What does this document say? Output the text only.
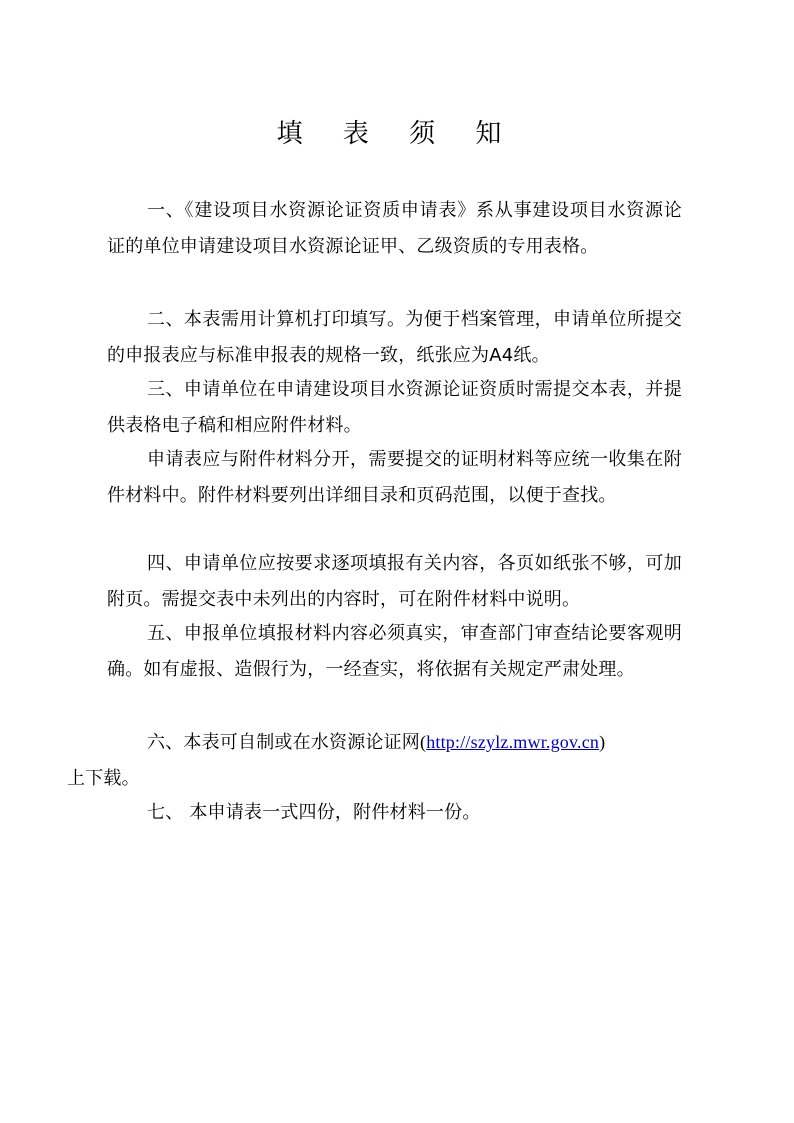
填 表 须 知

一、《建设项目水资源论证资质申请表》系从事建设项目水资源论证的单位申请建设项目水资源论证甲、乙级资质的专用表格。

二、本表需用计算机打印填写。为便于档案管理，申请单位所提交的申报表应与标准申报表的规格一致，纸张应为A4纸。

三、申请单位在申请建设项目水资源论证资质时需提交本表，并提供表格电子稿和相应附件材料。

申请表应与附件材料分开，需要提交的证明材料等应统一收集在附件材料中。附件材料要列出详细目录和页码范围，以便于查找。

四、申请单位应按要求逐项填报有关内容，各页如纸张不够，可加附页。需提交表中未列出的内容时，可在附件材料中说明。

五、申报单位填报材料内容必须真实，审查部门审查结论要客观明确。如有虚报、造假行为，一经查实，将依据有关规定严肃处理。

六、本表可自制或在水资源论证网(http://szylz.mwr.gov.cn)
上下载。

七、 本申请表一式四份，附件材料一份。
